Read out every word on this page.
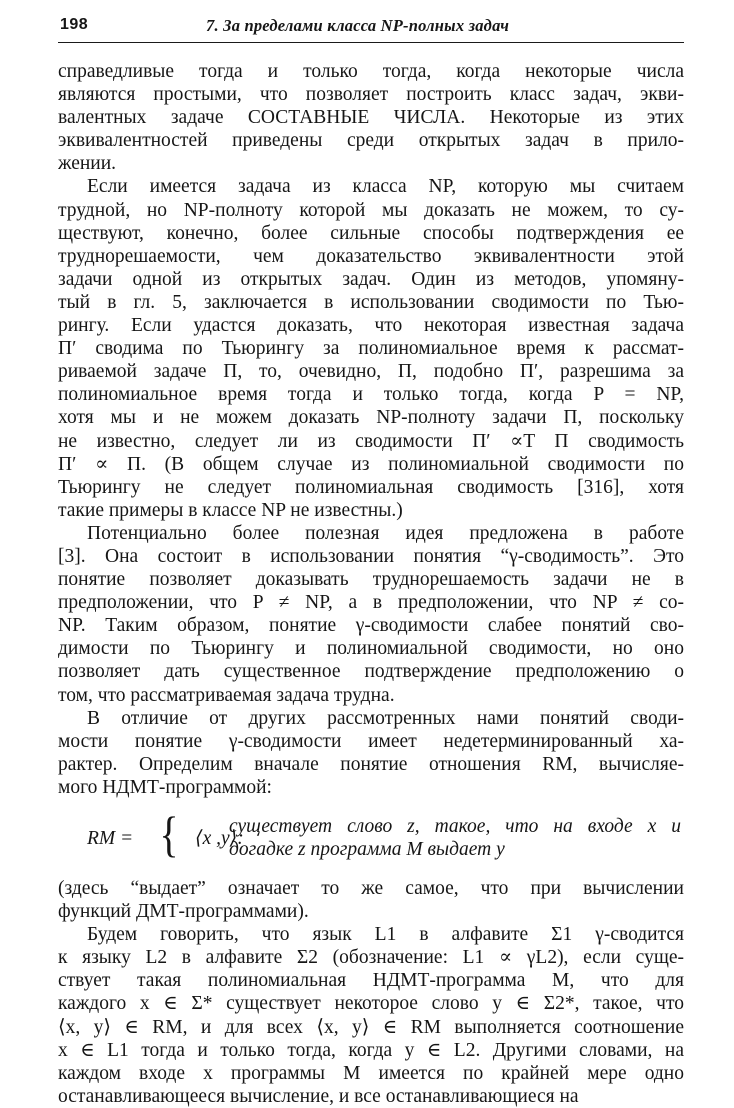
198	7. За пределами класса NP-полных задач
справедливые тогда и только тогда, когда некоторые числа
являются простыми, что позволяет построить класс задач, экви-
валентных задаче СОСТАВНЫЕ ЧИСЛА. Некоторые из этих
эквивалентностей приведены среди открытых задач в прило-
жении.
Если имеется задача из класса NP, которую мы считаем
трудной, но NP-полноту которой мы доказать не можем, то су-
ществуют, конечно, более сильные способы подтверждения ее
труднорешаемости, чем доказательство эквивалентности этой
задачи одной из открытых задач. Один из методов, упомяну-
тый в гл. 5, заключается в использовании сводимости по Тью-
рингу. Если удастся доказать, что некоторая известная задача
Π′ сводима по Тьюрингу за полиномиальное время к рассмат-
риваемой задаче Π, то, очевидно, Π, подобно Π′, разрешима за
полиномиальное время тогда и только тогда, когда P = NP,
хотя мы и не можем доказать NP-полноту задачи Π, поскольку
не известно, следует ли из сводимости Π′ ∝T Π сводимость
Π′ ∝ Π. (В общем случае из полиномиальной сводимости по
Тьюрингу не следует полиномиальная сводимость [316], хотя
такие примеры в классе NP не известны.)
Потенциально более полезная идея предложена в работе
[3]. Она состоит в использовании понятия “γ-сводимость”. Это
понятие позволяет доказывать труднорешаемость задачи не в
предположении, что P ≠ NP, а в предположении, что NP ≠ co-
NP. Таким образом, понятие γ-сводимости слабее понятий сво-
димости по Тьюрингу и полиномиальной сводимости, но оно
позволяет дать существенное подтверждение предположению о
том, что рассматриваемая задача трудна.
В отличие от других рассмотренных нами понятий своди-
мости понятие γ-сводимости имеет недетерминированный ха-
рактер. Определим вначале понятие отношения RM, вычисляе-
мого НДМТ-программой:
RM = { ⟨x ,y⟩:
существует слово z, такое, что на входе x и
догадке z программа M выдает y
(здесь “выдает” означает то же самое, что при вычислении
функций ДМТ-программами).
Будем говорить, что язык L1 в алфавите Σ1 γ-сводится
к языку L2 в алфавите Σ2 (обозначение: L1 ∝ γL2), если суще-
ствует такая полиномиальная НДМТ-программа M, что для
каждого x ∈ Σ* существует некоторое слово y ∈ Σ2*, такое, что
⟨x, y⟩ ∈ RM, и для всех ⟨x, y⟩ ∈ RM выполняется соотношение
x ∈ L1 тогда и только тогда, когда y ∈ L2. Другими словами, на
каждом входе x программы M имеется по крайней мере одно
останавливающееся вычисление, и все останавливающиеся на
